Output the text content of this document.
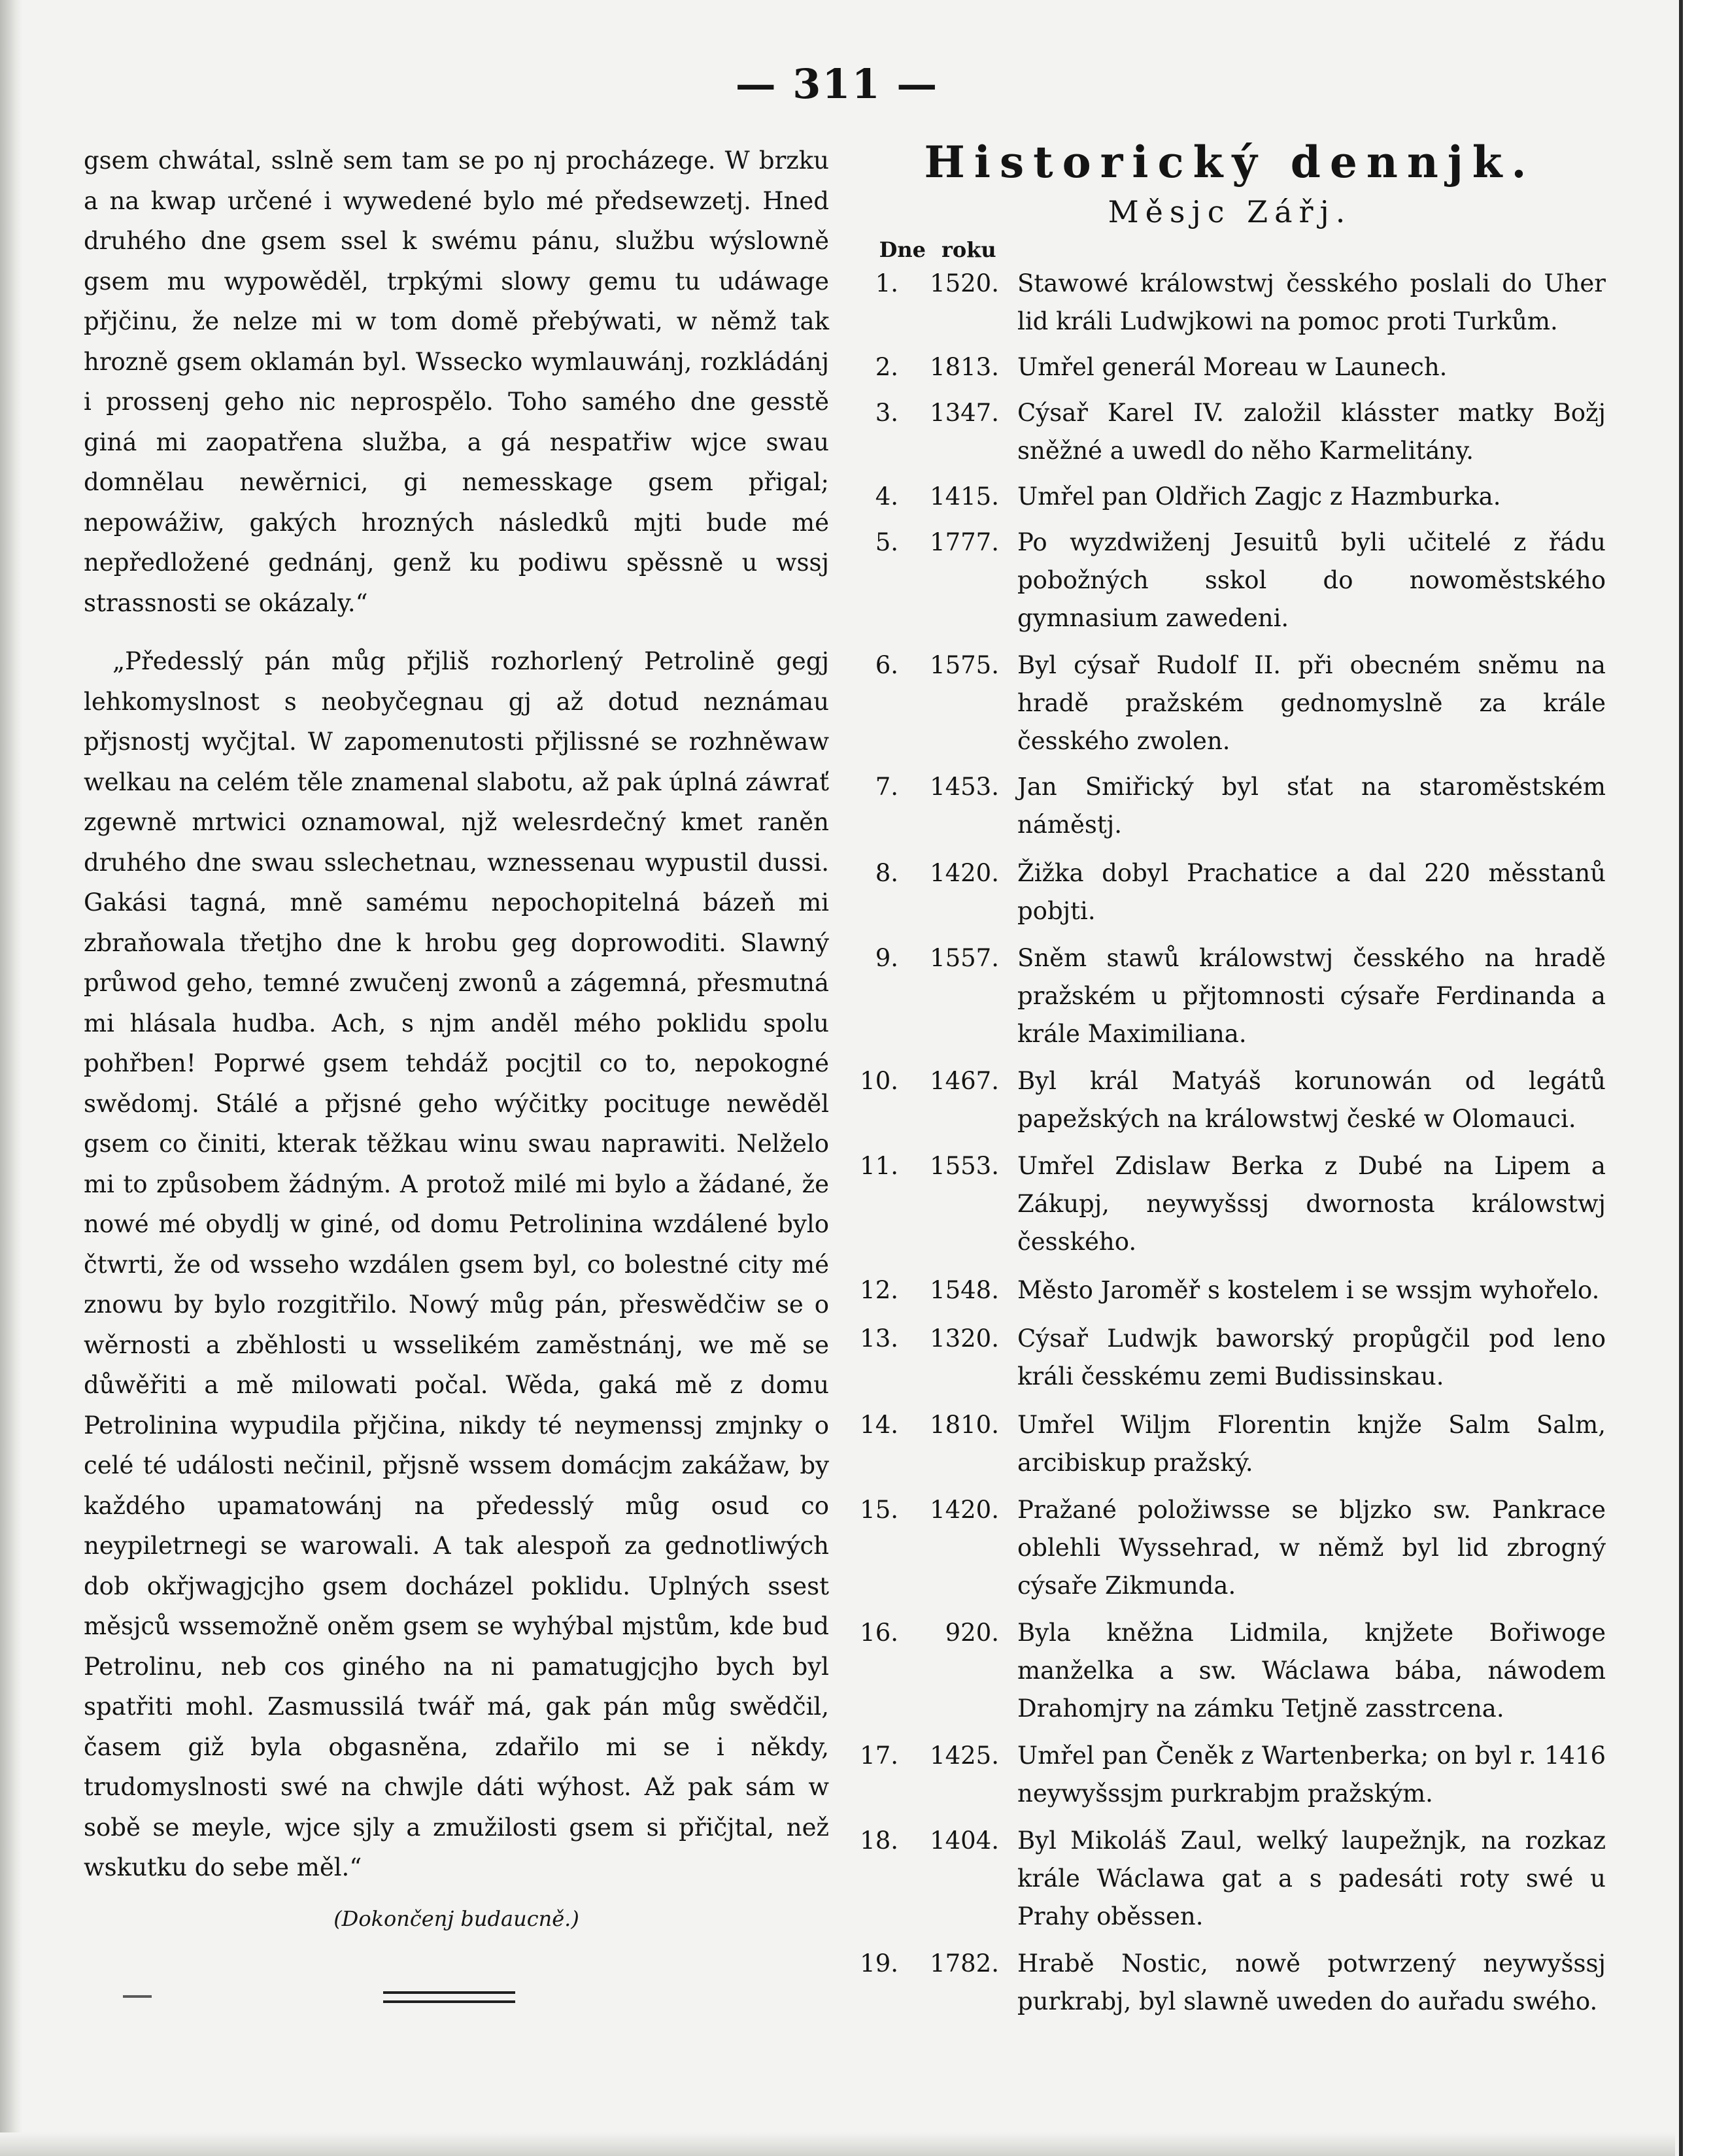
— 311 —

gsem chwátal, sslně sem tam se po nj procházege. W brzku a na kwap určené i wywedené bylo mé předsewzetj. Hned druhého dne gsem ssel k swému pánu, službu wýslowně gsem mu wypowěděl, trpkými slowy gemu tu udáwage přjčinu, že nelze mi w tom domě přebýwati, w němž tak hrozně gsem oklamán byl. Wssecko wymlauwánj, rozkládánj i prossenj geho nic neprospělo. Toho samého dne gesstě giná mi zaopatřena služba, a gá nespatřiw wjce swau domnělau newěrnici, gi nemesskage gsem přigal; nepowážiw, gakých hrozných následků mjti bude mé nepředložené gednánj, genž ku podiwu spěssně u wssj strassnosti se okázaly.“

„Předesslý pán můg přjliš rozhorlený Petrolině gegj lehkomyslnost s neobyčegnau gj až dotud neznámau přjsnostj wyčjtal. W zapomenutosti přjlissné se rozhněwaw welkau na celém těle znamenal slabotu, až pak úplná záwrať zgewně mrtwici oznamowal, njž welesrdečný kmet raněn druhého dne swau sslechetnau, wznessenau wypustil dussi. Gakási tagná, mně samému nepochopitelná bázeň mi zbraňowala třetjho dne k hrobu geg doprowoditi. Slawný průwod geho, temné zwučenj zwonů a zágemná, přesmutná mi hlásala hudba. Ach, s njm anděl mého poklidu spolu pohřben! Poprwé gsem tehdáž pocjtil co to, nepokogné swědomj. Stálé a přjsné geho wýčitky pocituge newěděl gsem co činiti, kterak těžkau winu swau naprawiti. Nelželo mi to způsobem žádným. A protož milé mi bylo a žádané, že nowé mé obydlj w giné, od domu Petrolinina wzdálené bylo čtwrti, že od wsseho wzdálen gsem byl, co bolestné city mé znowu by bylo rozgitřilo. Nowý můg pán, přeswědčiw se o wěrnosti a zběhlosti u wsselikém zaměstnánj, we mě se důwěřiti a mě milowati počal. Wěda, gaká mě z domu Petrolinina wypudila přjčina, nikdy té neymenssj zmjnky o celé té události nečinil, přjsně wssem domácjm zakážaw, by každého upamatowánj na předesslý můg osud co neypiletrnegi se warowali. A tak alespoň za gednotliwých dob okřjwagjcjho gsem docházel poklidu. Uplných ssest měsjců wssemožně oněm gsem se wyhýbal mjstům, kde bud Petrolinu, neb cos giného na ni pamatugjcjho bych byl spatřiti mohl. Zasmussilá twář má, gak pán můg swědčil, časem giž byla obgasněna, zdařilo mi se i někdy, trudomyslnosti swé na chwjle dáti wýhost. Až pak sám w sobě se meyle, wjce sjly a zmužilosti gsem si přičjtal, než wskutku do sebe měl.“

(Dokončenj budaucně.)
Historický dennjk.
Měsjc Zářj.
Dne roku
1.	1520. Stawowé králowstwj česského poslali do Uher lid králi Ludwjkowi na pomoc proti Turkům.
2.	1813. Umřel generál Moreau w Launech.
3.	1347. Cýsař Karel IV. založil klásster matky Božj sněžné a uwedl do něho Karmelitány.
4.	1415. Umřel pan Oldřich Zagjc z Hazmburka.
5.	1777. Po wyzdwiženj Jesuitů byli učitelé z řádu pobožných sskol do nowoměstského gymnasium zawedeni.
6.	1575. Byl cýsař Rudolf II. při obecném sněmu na hradě pražském gednomyslně za krále česského zwolen.
7.	1453. Jan Smiřický byl sťat na staroměstském náměstj.
8.	1420. Žižka dobyl Prachatice a dal 220 měsstanů pobjti.
9.	1557. Sněm stawů králowstwj česského na hradě pražském u přjtomnosti cýsaře Ferdinanda a krále Maximiliana.
10.	1467. Byl král Matyáš korunowán od legátů papežských na králowstwj české w Olomauci.
11.	1553. Umřel Zdislaw Berka z Dubé na Lipem a Zákupj, neywyšssj dwornosta králowstwj česského.
12.	1548. Město Jaroměř s kostelem i se wssjm wyhořelo.
13.	1320. Cýsař Ludwjk baworský propůgčil pod leno králi česskému zemi Budissinskau.
14.	1810. Umřel Wiljm Florentin knjže Salm Salm, arcibiskup pražský.
15.	1420. Pražané položiwsse se blјzko sw. Pankrace oblehli Wyssehrad, w němž byl lid zbrogný cýsaře Zikmunda.
16.	920. Byla kněžna Lidmila, knjžete Bořiwoge manželka a sw. Wáclawa bába, náwodem Drahomjry na zámku Tetjně zasstrcena.
17.	1425. Umřel pan Čeněk z Wartenberka; on byl r. 1416 neywyšssjm purkrabjm pražským.
18.	1404. Byl Mikoláš Zaul, welký laupežnjk, na rozkaz krále Wáclawa gat a s padesáti roty swé u Prahy oběssen.
19.	1782. Hrabě Nostic, nowě potwrzený neywyšssj purkrabj, byl slawně uweden do auřadu swého.
